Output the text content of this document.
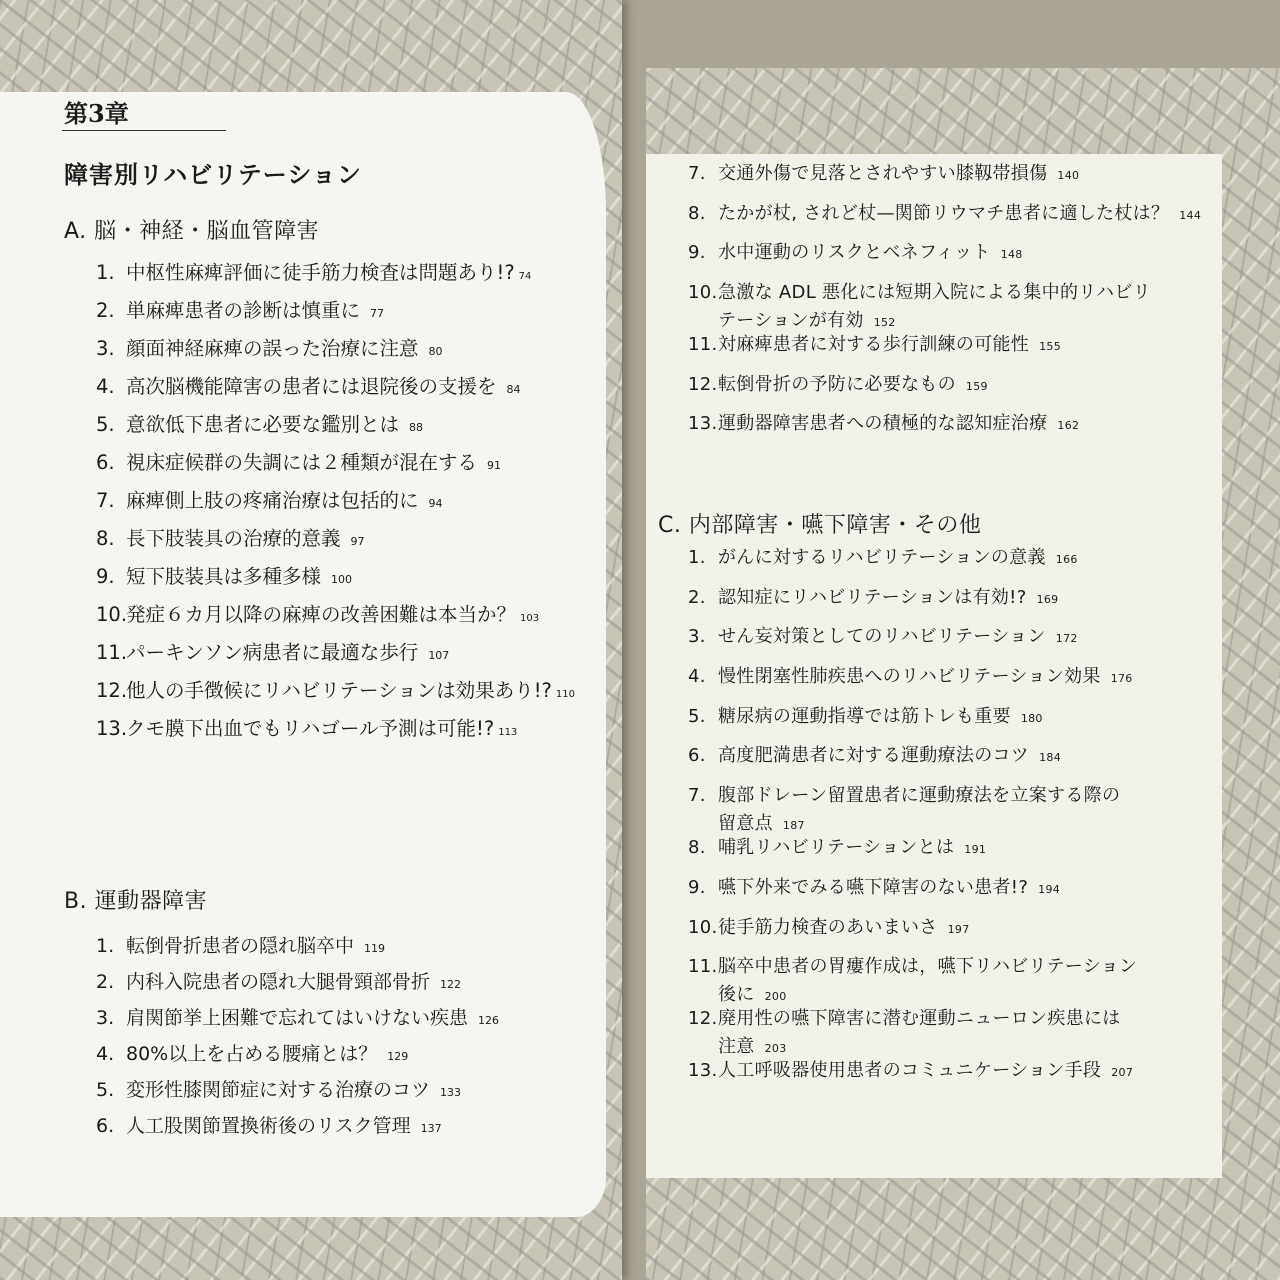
第3章
障害別リハビリテーション
A. 脳・神経・脳血管障害
1. 中枢性麻痺評価に徒手筋力検査は問題あり!? 74
2. 単麻痺患者の診断は慎重に 77
3. 顔面神経麻痺の誤った治療に注意 80
4. 高次脳機能障害の患者には退院後の支援を 84
5. 意欲低下患者に必要な鑑別とは 88
6. 視床症候群の失調には２種類が混在する 91
7. 麻痺側上肢の疼痛治療は包括的に 94
8. 長下肢装具の治療的意義 97
9. 短下肢装具は多種多様 100
10.
発症６カ月以降の麻痺の改善困難は本当か？ 103
11.
パーキンソン病患者に最適な歩行 107
12.
他人の手徴候にリハビリテーションは効果あり!? 110
13.
クモ膜下出血でもリハゴール予測は可能!? 113
B. 運動器障害
1. 転倒骨折患者の隠れ脳卒中 119
2. 内科入院患者の隠れ大腿骨頸部骨折 122
3. 肩関節挙上困難で忘れてはいけない疾患 126
4. 80%以上を占める腰痛とは？ 129
5. 変形性膝関節症に対する治療のコツ 133
6. 人工股関節置換術後のリスク管理 137
7. 交通外傷で見落とされやすい膝靱帯損傷 140
8. たかが杖, されど杖—関節リウマチ患者に適した杖は？ 144
9. 水中運動のリスクとベネフィット 148
10. 急激な ADL 悪化には短期入院による集中的リハビリ
テーションが有効 152
11. 対麻痺患者に対する歩行訓練の可能性 155
12. 転倒骨折の予防に必要なもの 159
13. 運動器障害患者への積極的な認知症治療 162
C. 内部障害・嚥下障害・その他
1. がんに対するリハビリテーションの意義 166
2. 認知症にリハビリテーションは有効!? 169
3. せん妄対策としてのリハビリテーション 172
4. 慢性閉塞性肺疾患へのリハビリテーション効果 176
5. 糖尿病の運動指導では筋トレも重要 180
6. 高度肥満患者に対する運動療法のコツ 184
7. 腹部ドレーン留置患者に運動療法を立案する際の
留意点 187
8. 哺乳リハビリテーションとは 191
9. 嚥下外来でみる嚥下障害のない患者!? 194
10. 徒手筋力検査のあいまいさ 197
11. 脳卒中患者の胃瘻作成は，嚥下リハビリテーション
後に 200
12. 廃用性の嚥下障害に潜む運動ニューロン疾患には
注意 203
13. 人工呼吸器使用患者のコミュニケーション手段 207
